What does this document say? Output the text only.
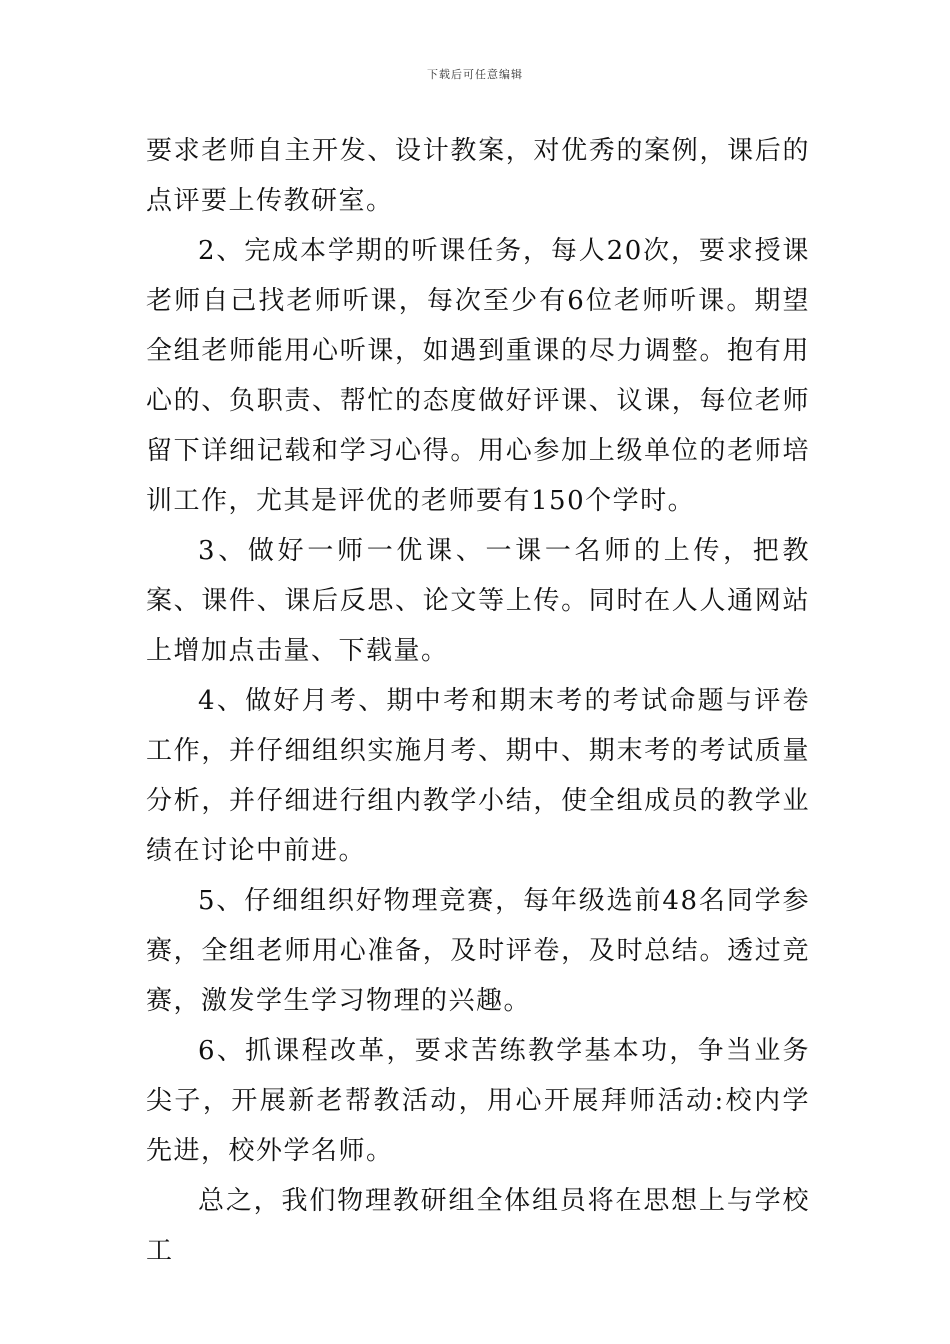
下载后可任意编辑

要求老师自主开发、设计教案，对优秀的案例，课后的点评要上传教研室。

2、完成本学期的听课任务，每人20次，要求授课老师自己找老师听课，每次至少有6位老师听课。期望全组老师能用心听课，如遇到重课的尽力调整。抱有用心的、负职责、帮忙的态度做好评课、议课，每位老师留下详细记载和学习心得。用心参加上级单位的老师培训工作，尤其是评优的老师要有150个学时。

3、做好一师一优课、一课一名师的上传，把教案、课件、课后反思、论文等上传。同时在人人通网站上增加点击量、下载量。

4、做好月考、期中考和期末考的考试命题与评卷工作，并仔细组织实施月考、期中、期末考的考试质量分析，并仔细进行组内教学小结，使全组成员的教学业绩在讨论中前进。

5、仔细组织好物理竞赛，每年级选前48名同学参赛，全组老师用心准备，及时评卷，及时总结。透过竞赛，激发学生学习物理的兴趣。

6、抓课程改革，要求苦练教学基本功，争当业务尖子，开展新老帮教活动，用心开展拜师活动:校内学先进，校外学名师。

总之，我们物理教研组全体组员将在思想上与学校工
